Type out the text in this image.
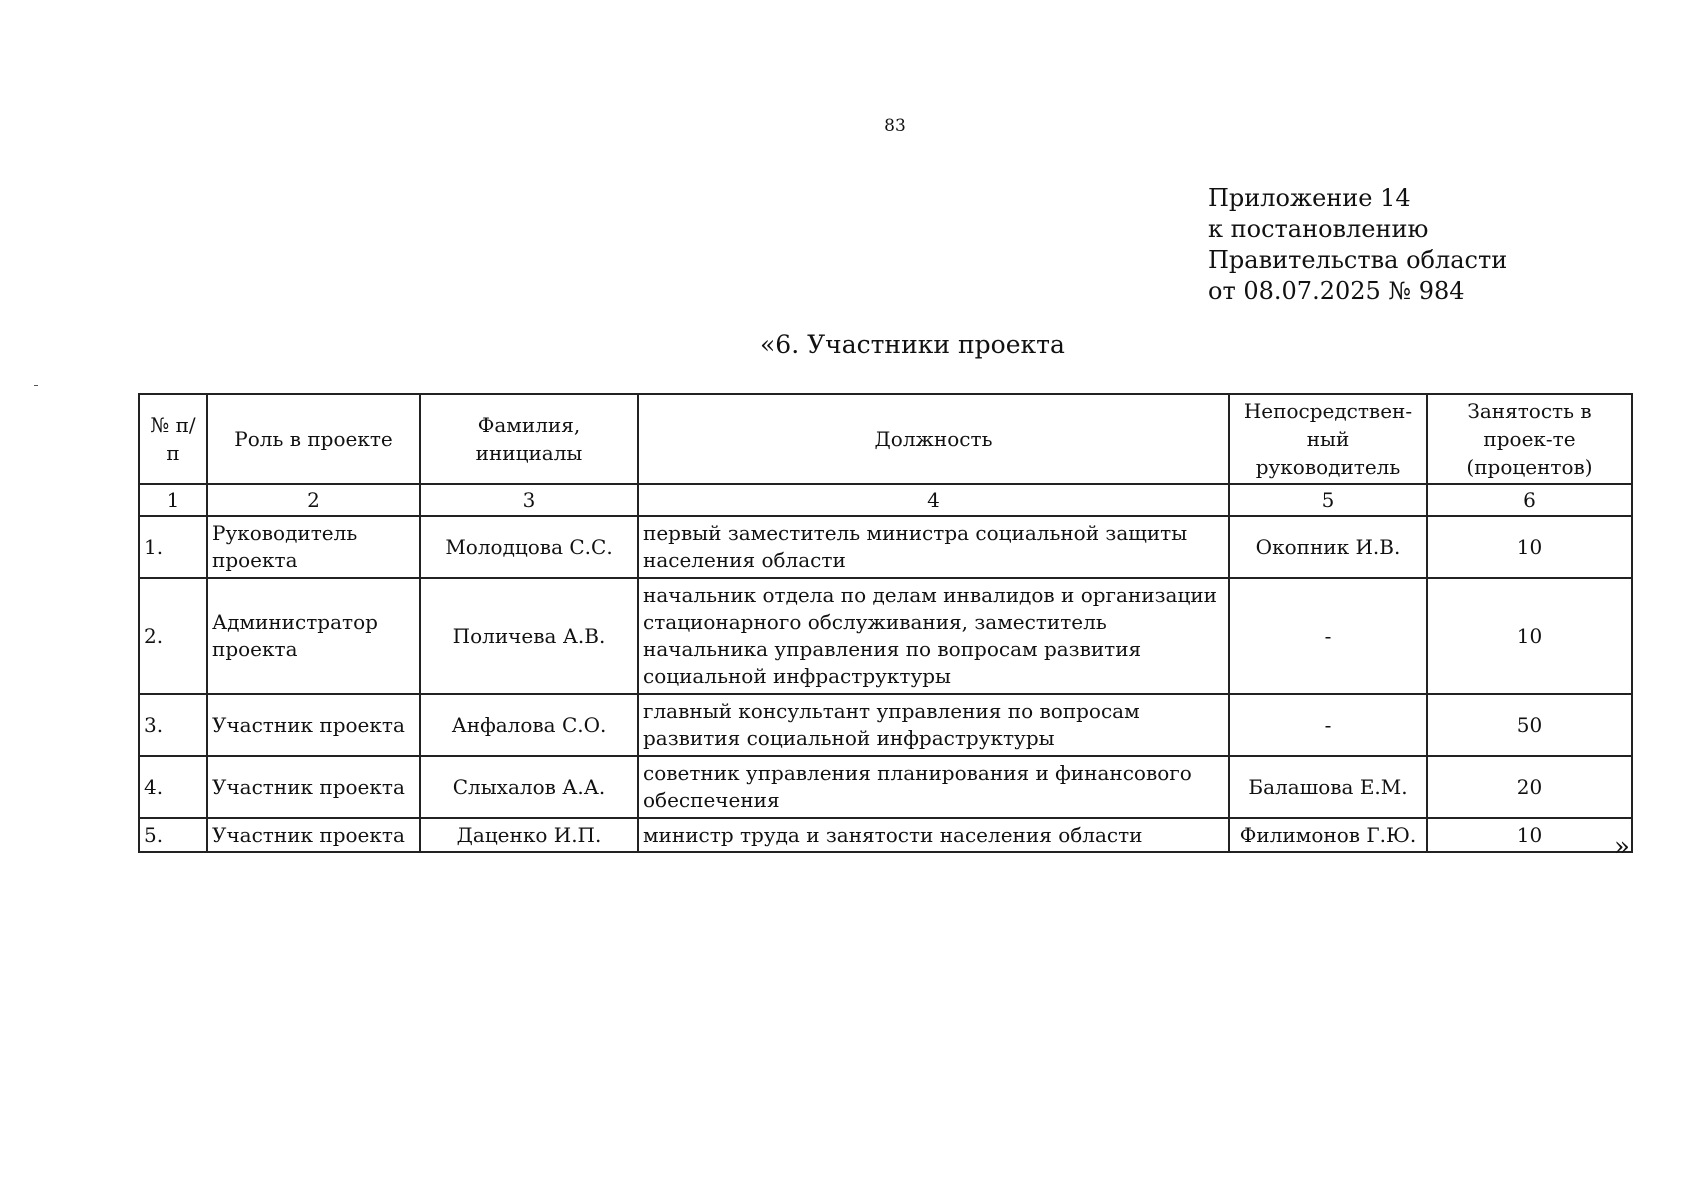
83
Приложение 14
к постановлению
Правительства области
от 08.07.2025 № 984
«6. Участники проекта
№ п/п	Роль в проекте	Фамилия, инициалы	Должность	Непосредствен-ный руководитель	Занятость в проек-те (процентов)
1	2	3	4	5	6
1.	Руководитель проекта	Молодцова С.С.	первый заместитель министра социальной защиты населения области	Окопник И.В.	10
2.	Администратор проекта	Поличева А.В.	начальник отдела по делам инвалидов и организации стационарного обслуживания, заместитель начальника управления по вопросам развития социальной инфраструктуры	-	10
3.	Участник проекта	Анфалова С.О.	главный консультант управления по вопросам развития социальной инфраструктуры	-	50
4.	Участник проекта	Слыхалов А.А.	советник управления планирования и финансового обеспечения	Балашова Е.М.	20
5.	Участник проекта	Даценко И.П.	министр труда и занятости населения области	Филимонов Г.Ю.	10	»
